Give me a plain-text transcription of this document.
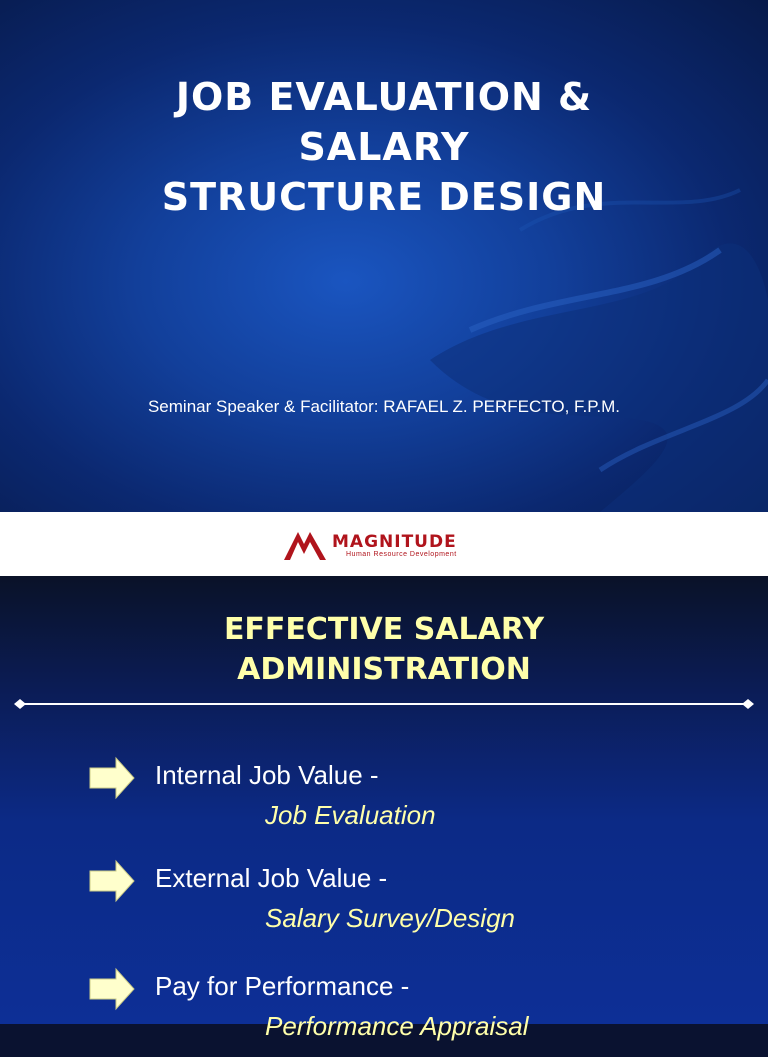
JOB EVALUATION &
SALARY
STRUCTURE DESIGN
Seminar Speaker & Facilitator: RAFAEL Z. PERFECTO, F.P.M.
MAGNITUDE
Human Resource Development
EFFECTIVE SALARY
ADMINISTRATION
Internal Job Value -
Job Evaluation
External Job Value -
Salary Survey/Design
Pay for Performance -
Performance Appraisal
